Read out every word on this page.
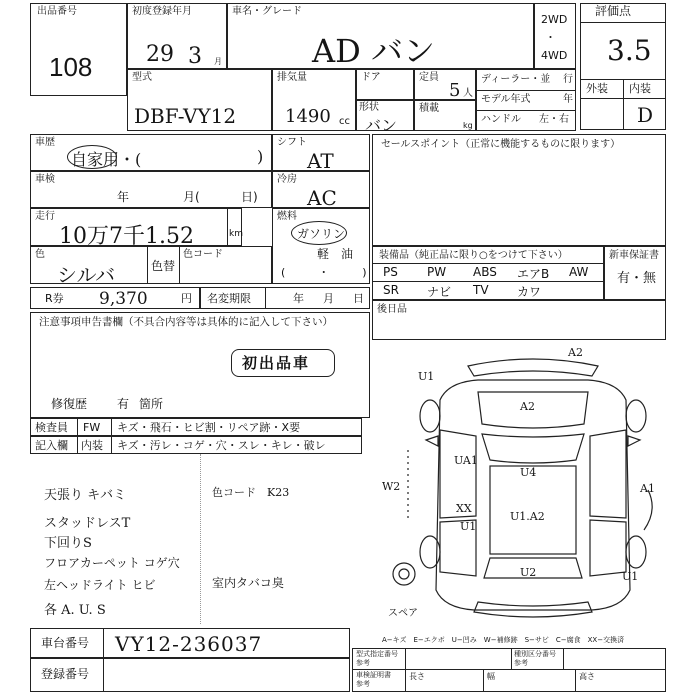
出品番号
108
初度登録年月
29 3 月
車名・グレード
AD バン
2WD
・
4WD
評価点
3.5
外装 内装
D
型式
DBF-VY12
排気量
1490 cc
ドア
形状
バン
定員
5 人
積載
kg
ディーラー・並 行
モデル年式	年
ハンドル 左・右
車歴
自家用・(	)
シフト
AT
セールスポイント（正常に機能するものに限ります）
車検
年	月(	日)
冷房
AC
走行
10万7千1.52	km
燃料
ガソリン
軽　油
(　　　・　　　)
色
シルバ	色替
色コード	装備品（純正品に限り○をつけて下さい）
PS PW ABS エアB AW
SR ナビ TV カワ
新車保証書
有・無
R券 9,370	円 名変期限	年 月 日
後日品
注意事項申告書欄（不具合内容等は具体的に記入して下さい）
初出品車
修復歴 有 箇所
検査員 FW キズ・飛石・ヒビ割・リペア跡・X要
記入欄 内装 キズ・汚レ・コゲ・穴・スレ・キレ・破レ
天張り キバミ
スタッドレスT
下回りS
フロアカーペット コゲ穴
左ヘッドライト ヒビ
各 A. U. S
色コード　K23
室内タバコ臭
A2
U1
A2
UA1
U4
XX
U1
U1.A2
A1
U2	U1
W2
スペア
車台番号 VY12-236037
登録番号
A−キズ　E−エクボ　U−凹み　W−補修跡　S−サビ　C−腐食　XX−交換済
型式指定番号
参考
種別区分番号
参考
車検証明書
参考
長さ	幅	高さ
